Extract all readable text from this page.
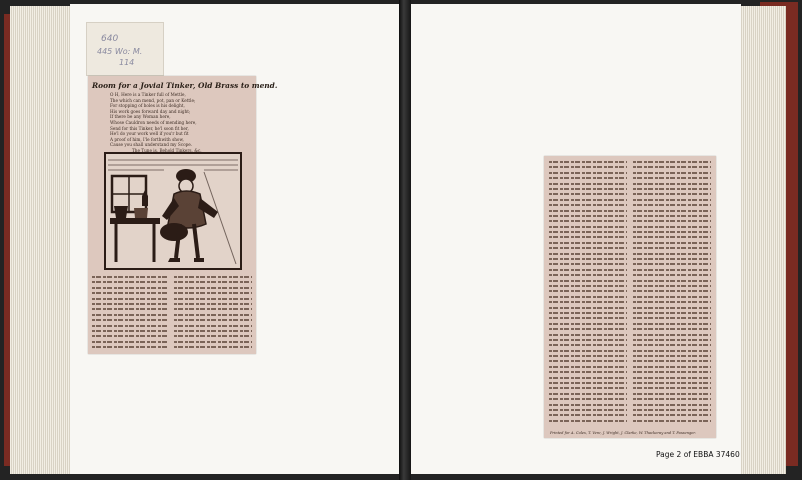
640
445 Wo: M.
114
Room for a Jovial Tinker, Old Brass to mend.
O H, Here is a Tinker full of Mettle,
The which can mend, pot, pan or Kettle;
For stopping of holes is his delight,
His work goes forward day and night;
If there be any Woman here,
Whose Cauldron needs of mending here,
Send for this Tinker, he'l soon fit her,
He'l do your work well if you'r but fit
A proof of him, I'le forthwith show,
Cause you shall understand my Scope.
The Tune is, Behold Tinkers, &c.
Printed for A. Coles, T. Vere, J. Wright, J. Clarke, W. Thackeray and T. Passenger.
Page 2 of EBBA 37460
